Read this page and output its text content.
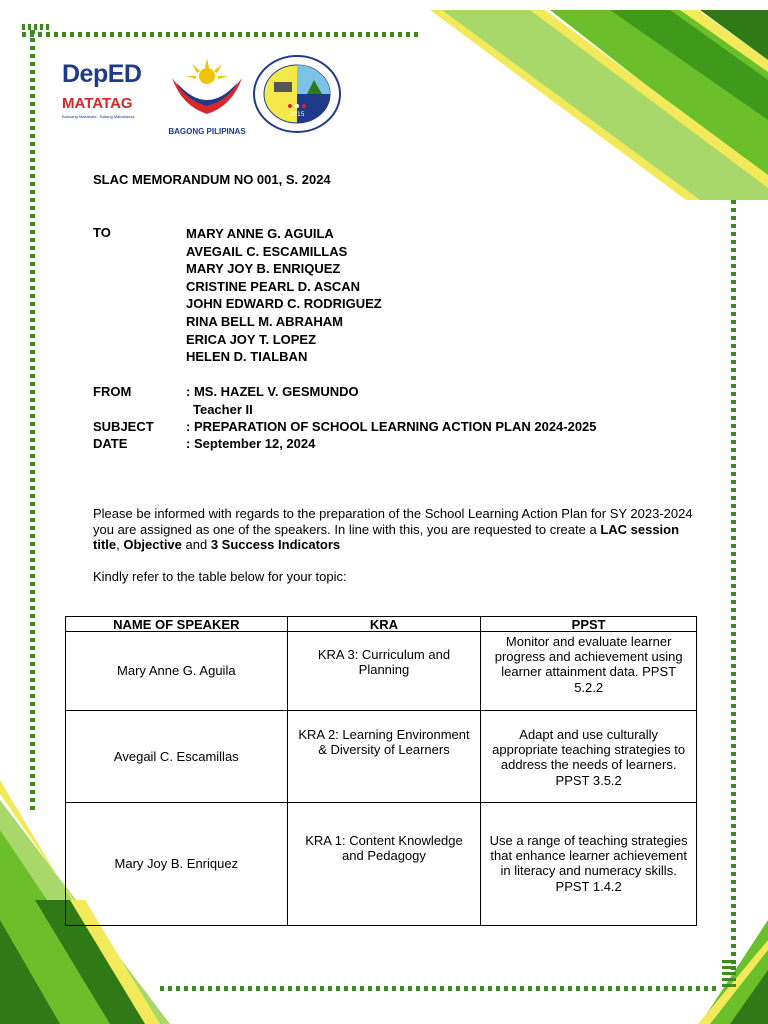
DepED
MATATAG
Bansang Makabata · Batang Makabansa
BAGONG PILIPINAS
2015
SLAC MEMORANDUM NO 001, S. 2024
TO	MARY ANNE G. AGUILA
AVEGAIL C. ESCAMILLAS
MARY JOY B. ENRIQUEZ
CRISTINE PEARL D. ASCAN
JOHN EDWARD C. RODRIGUEZ
RINA BELL M. ABRAHAM
ERICA JOY T. LOPEZ
HELEN D. TIALBAN
FROM	: MS. HAZEL V. GESMUNDO
Teacher II
SUBJECT : PREPARATION OF SCHOOL LEARNING ACTION PLAN 2024-2025
DATE	: September 12, 2024
Please be informed with regards to the preparation of the School Learning Action Plan for SY 2023-2024 you are assigned as one of the speakers. In line with this, you are requested to create a LAC session title, Objective and 3 Success Indicators
Kindly refer to the table below for your topic:
NAME OF SPEAKER	KRA	PPST
Mary Anne G. Aguila	KRA 3: Curriculum and Planning	Monitor and evaluate learner progress and achievement using learner attainment data. PPST 5.2.2
Avegail C. Escamillas	KRA 2: Learning Environment & Diversity of Learners	Adapt and use culturally appropriate teaching strategies to address the needs of learners. PPST 3.5.2
Mary Joy B. Enriquez	KRA 1: Content Knowledge and Pedagogy	Use a range of teaching strategies that enhance learner achievement in literacy and numeracy skills. PPST 1.4.2
